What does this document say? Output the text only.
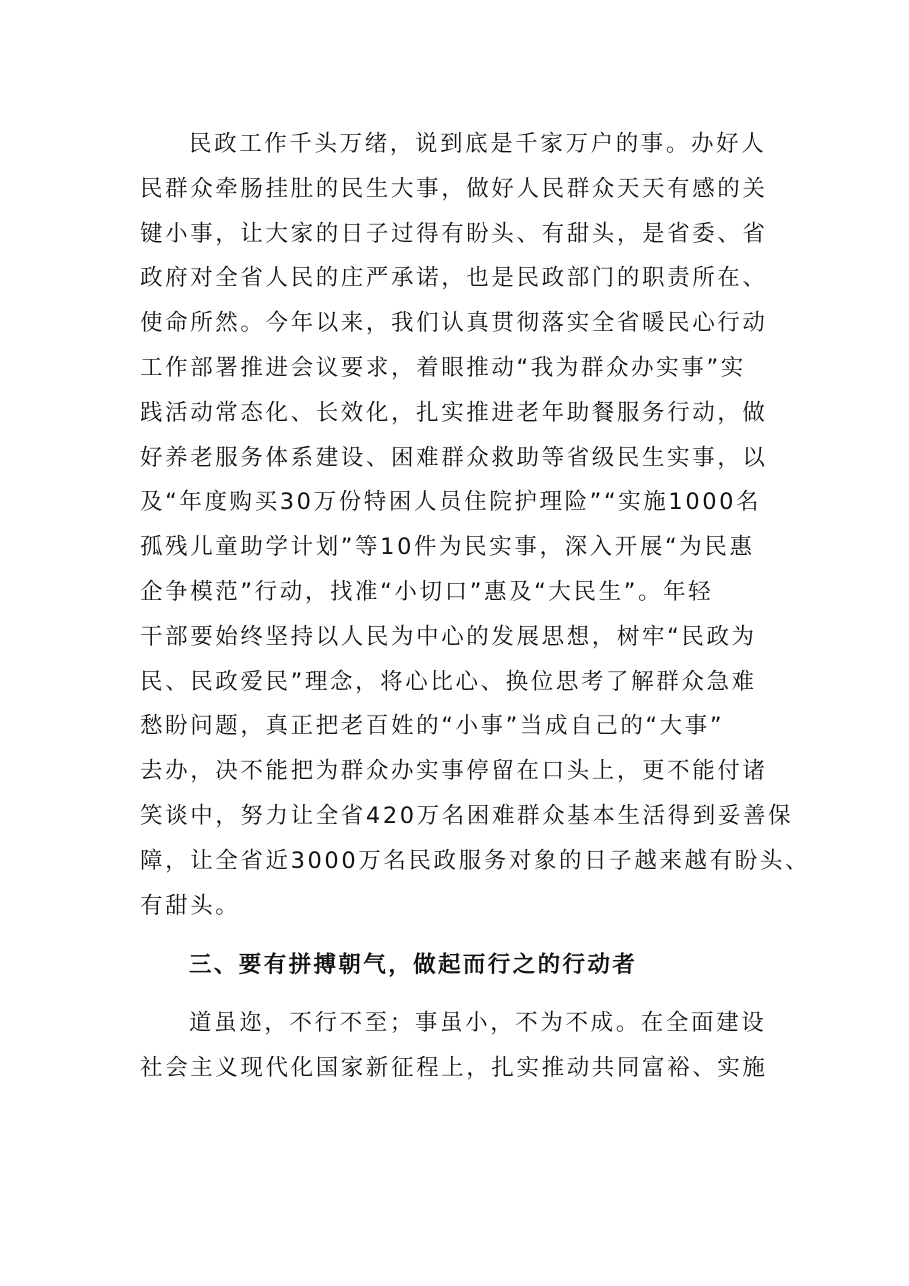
民政工作千头万绪，说到底是千家万户的事。办好人
民群众牵肠挂肚的民生大事，做好人民群众天天有感的关
键小事，让大家的日子过得有盼头、有甜头，是省委、省
政府对全省人民的庄严承诺，也是民政部门的职责所在、
使命所然。今年以来，我们认真贯彻落实全省暖民心行动
工作部署推进会议要求，着眼推动“我为群众办实事”实
践活动常态化、长效化，扎实推进老年助餐服务行动，做
好养老服务体系建设、困难群众救助等省级民生实事，以
及“年度购买30万份特困人员住院护理险”“实施1000名
孤残儿童助学计划”等10件为民实事，深入开展“为民惠
企争模范”行动，找准“小切口”惠及“大民生”。年轻
干部要始终坚持以人民为中心的发展思想，树牢“民政为
民、民政爱民”理念，将心比心、换位思考了解群众急难
愁盼问题，真正把老百姓的“小事”当成自己的“大事”
去办，决不能把为群众办实事停留在口头上，更不能付诸
笑谈中，努力让全省420万名困难群众基本生活得到妥善保
障，让全省近3000万名民政服务对象的日子越来越有盼头、
有甜头。
三、要有拼搏朝气，做起而行之的行动者
道虽迩，不行不至；事虽小，不为不成。在全面建设
社会主义现代化国家新征程上，扎实推动共同富裕、实施
